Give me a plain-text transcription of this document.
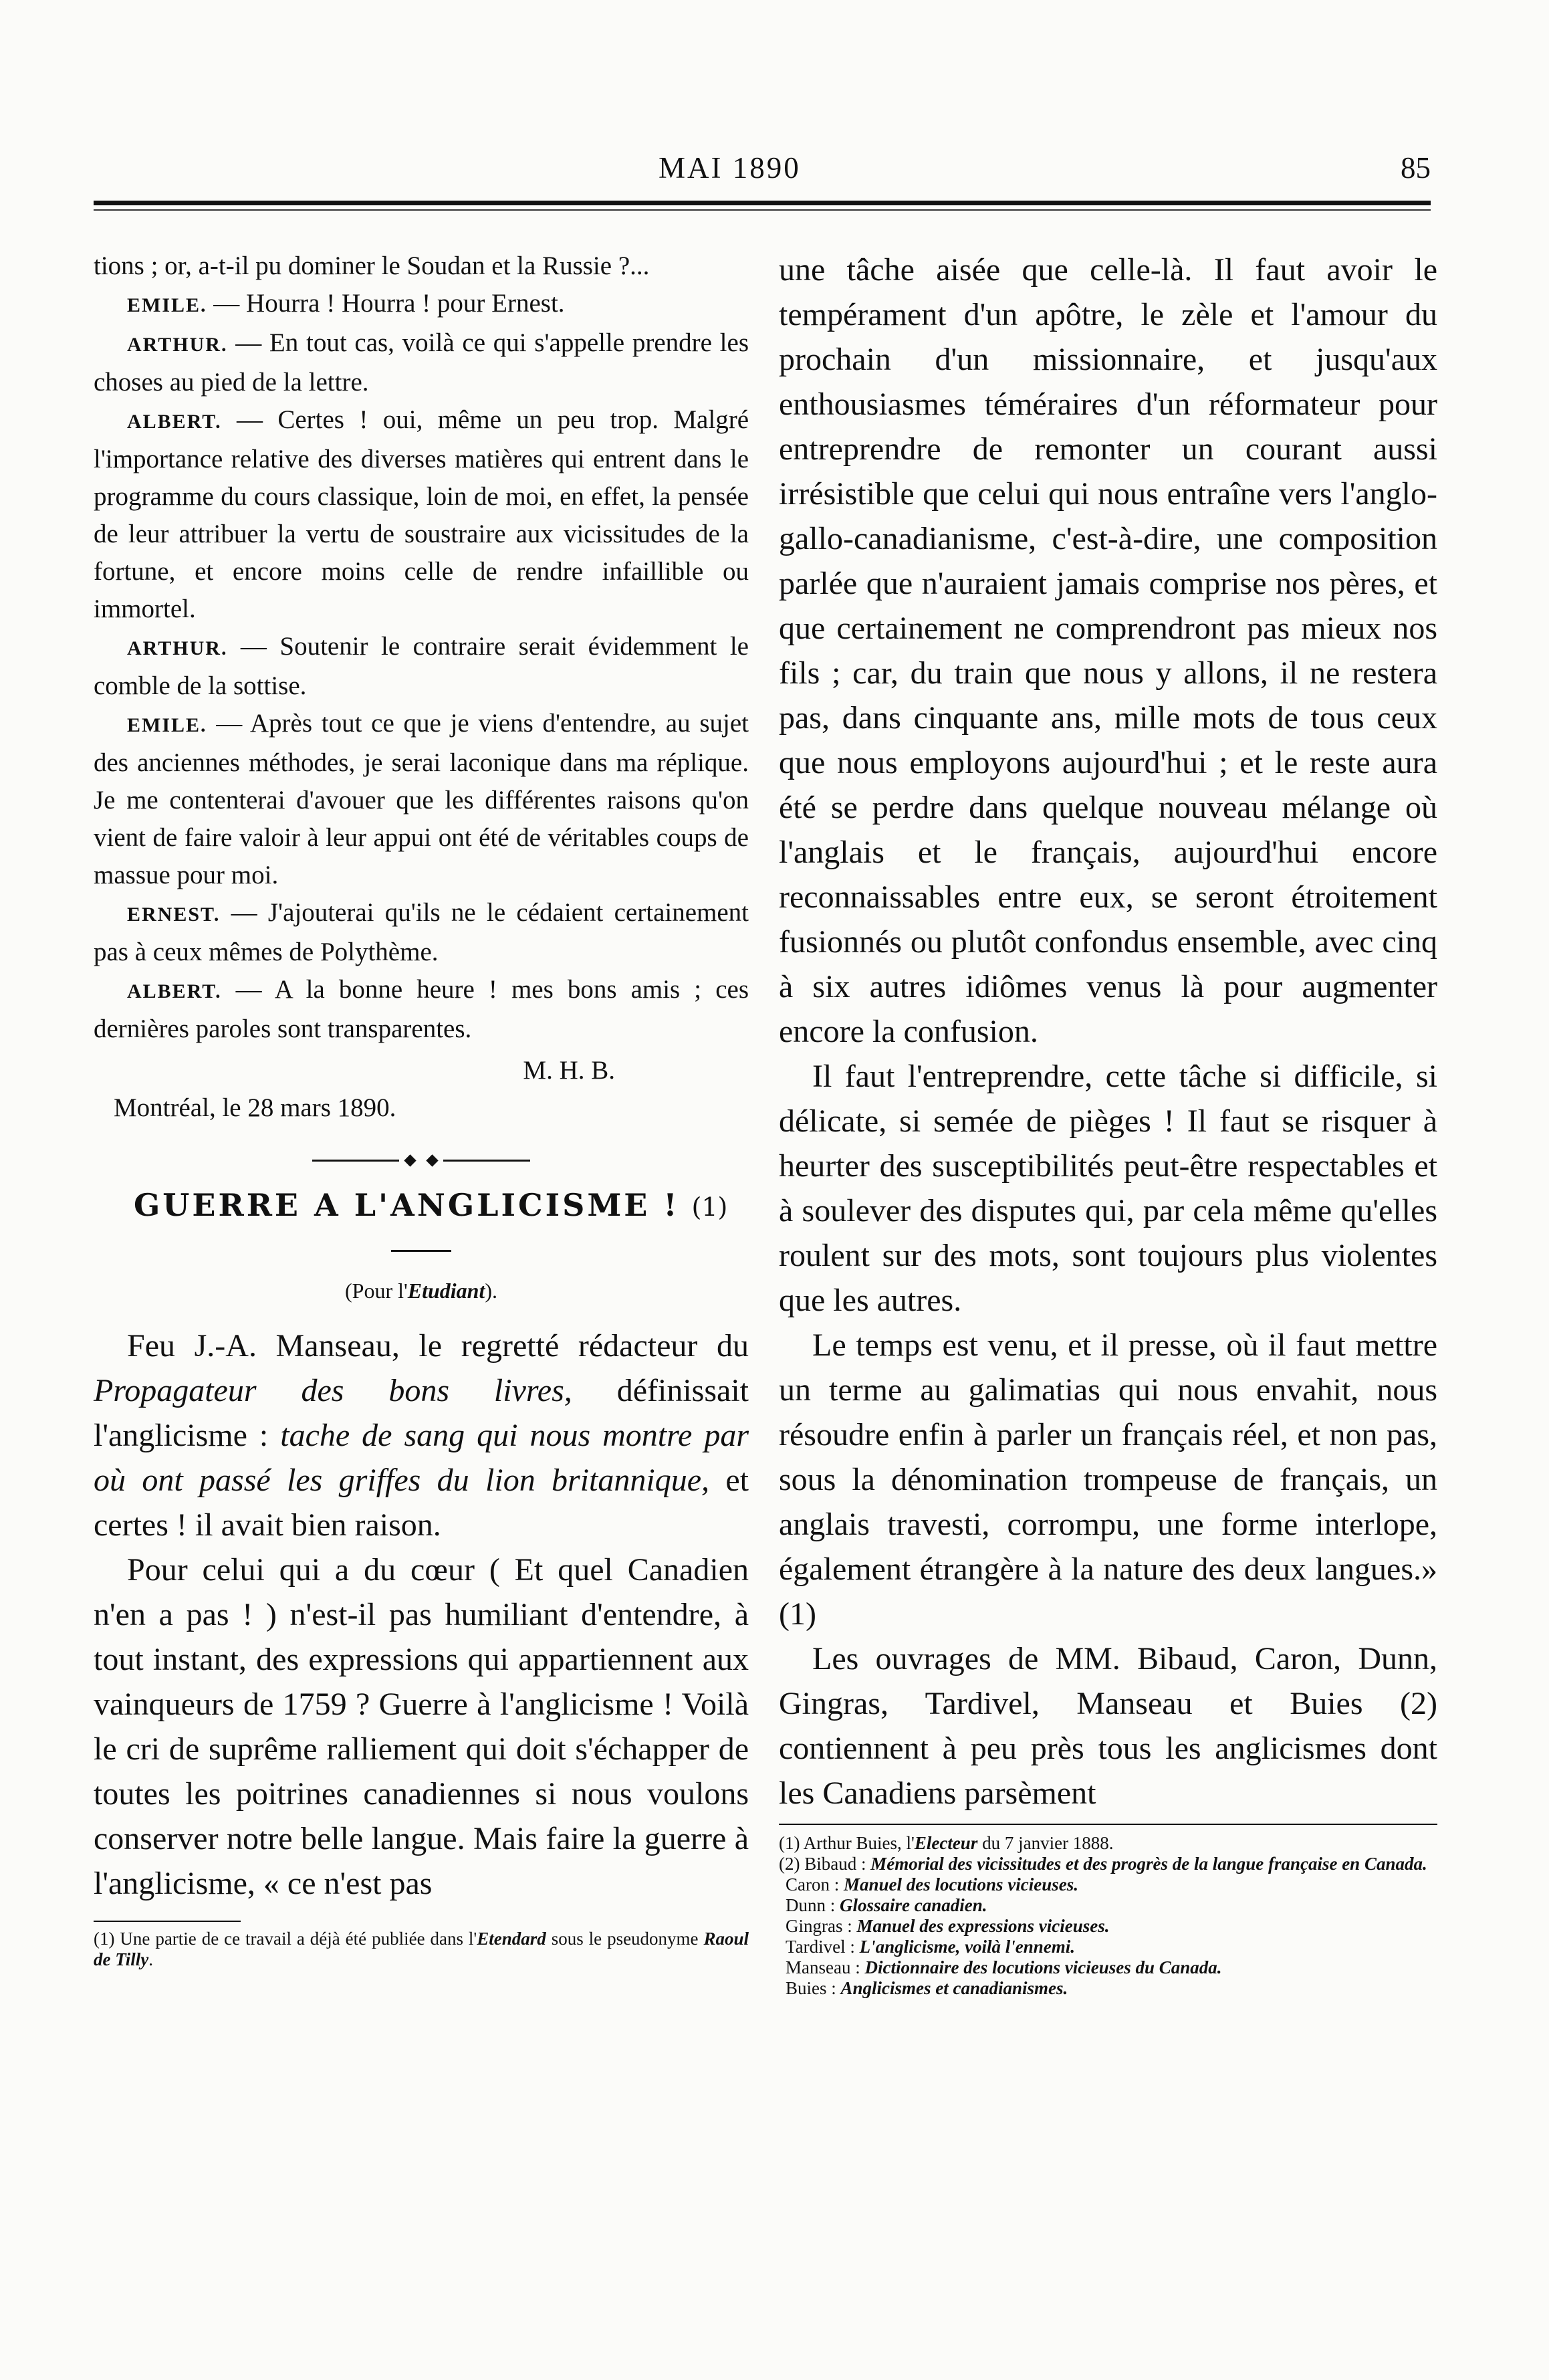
MAI 1890	85

tions ; or, a-t-il pu dominer le Soudan et la Russie ?...

EMILE. — Hourra ! Hourra ! pour Ernest.

ARTHUR. — En tout cas, voilà ce qui s'appelle prendre les choses au pied de la lettre.

ALBERT. — Certes ! oui, même un peu trop. Malgré l'importance relative des diverses matières qui entrent dans le programme du cours classique, loin de moi, en effet, la pensée de leur attribuer la vertu de soustraire aux vicissitudes de la fortune, et encore moins celle de rendre infaillible ou immortel.

ARTHUR. — Soutenir le contraire serait évidemment le comble de la sottise.

EMILE. — Après tout ce que je viens d'entendre, au sujet des anciennes méthodes, je serai laconique dans ma réplique. Je me contenterai d'avouer que les différentes raisons qu'on vient de faire valoir à leur appui ont été de véritables coups de massue pour moi.

ERNEST. — J'ajouterai qu'ils ne le cédaient certainement pas à ceux mêmes de Polythème.

ALBERT. — A la bonne heure ! mes bons amis ; ces dernières paroles sont transparentes.

M. H. B.
Montréal, le 28 mars 1890.
GUERRE A L'ANGLICISME ! (1)
(Pour l'Etudiant).

Feu J.-A. Manseau, le regretté rédacteur du Propagateur des bons livres, définissait l'anglicisme : tache de sang qui nous montre par où ont passé les griffes du lion britannique, et certes ! il avait bien raison.

Pour celui qui a du cœur ( Et quel Canadien n'en a pas ! ) n'est-il pas humiliant d'entendre, à tout instant, des expressions qui appartiennent aux vainqueurs de 1759 ? Guerre à l'anglicisme ! Voilà le cri de suprême ralliement qui doit s'échapper de toutes les poitrines canadiennes si nous voulons conserver notre belle langue. Mais faire la guerre à l'anglicisme, « ce n'est pas

(1) Une partie de ce travail a déjà été publiée dans l'Etendard sous le pseudonyme Raoul de Tilly.

une tâche aisée que celle-là. Il faut avoir le tempérament d'un apôtre, le zèle et l'amour du prochain d'un missionnaire, et jusqu'aux enthousiasmes téméraires d'un réformateur pour entreprendre de remonter un courant aussi irrésistible que celui qui nous entraîne vers l'anglo-gallo-canadianisme, c'est-à-dire, une composition parlée que n'auraient jamais comprise nos pères, et que certainement ne comprendront pas mieux nos fils ; car, du train que nous y allons, il ne restera pas, dans cinquante ans, mille mots de tous ceux que nous employons aujourd'hui ; et le reste aura été se perdre dans quelque nouveau mélange où l'anglais et le français, aujourd'hui encore reconnaissables entre eux, se seront étroitement fusionnés ou plutôt confondus ensemble, avec cinq à six autres idiômes venus là pour augmenter encore la confusion.

Il faut l'entreprendre, cette tâche si difficile, si délicate, si semée de pièges ! Il faut se risquer à heurter des susceptibilités peut-être respectables et à soulever des disputes qui, par cela même qu'elles roulent sur des mots, sont toujours plus violentes que les autres.

Le temps est venu, et il presse, où il faut mettre un terme au galimatias qui nous envahit, nous résoudre enfin à parler un français réel, et non pas, sous la dénomination trompeuse de français, un anglais travesti, corrompu, une forme interlope, également étrangère à la nature des deux langues.» (1)

Les ouvrages de MM. Bibaud, Caron, Dunn, Gingras, Tardivel, Manseau et Buies (2) contiennent à peu près tous les anglicismes dont les Canadiens parsèment

(1) Arthur Buies, l'Electeur du 7 janvier 1888.

(2) Bibaud : Mémorial des vicissitudes et des progrès de la langue française en Canada.

Caron : Manuel des locutions vicieuses.

Dunn : Glossaire canadien.

Gingras : Manuel des expressions vicieuses.

Tardivel : L'anglicisme, voilà l'ennemi.

Manseau : Dictionnaire des locutions vicieuses du Canada.

Buies : Anglicismes et canadianismes.
